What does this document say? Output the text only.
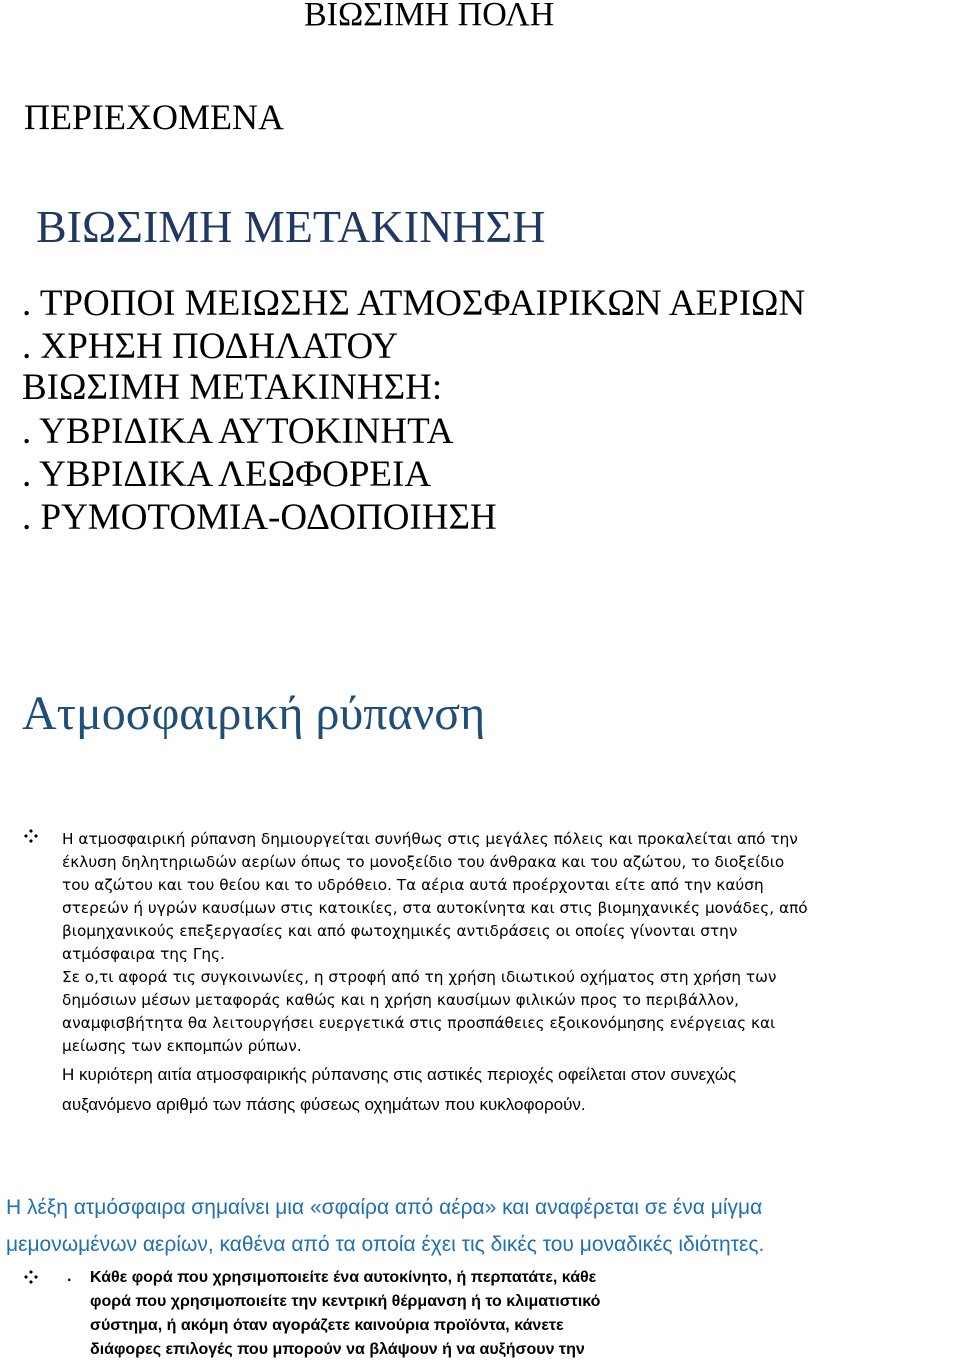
ΒΙΩΣΙΜΗ ΠΟΛΗ
ΠΕΡΙΕΧΟΜΕΝΑ
ΒΙΩΣΙΜΗ ΜΕΤΑΚΙΝΗΣΗ
. ΤΡΟΠΟΙ ΜΕΙΩΣΗΣ ΑΤΜΟΣΦΑΙΡΙΚΩΝ ΑΕΡΙΩΝ
. ΧΡΗΣΗ ΠΟΔΗΛΑΤΟΥ
ΒΙΩΣΙΜΗ ΜΕΤΑΚΙΝΗΣΗ:
. ΥΒΡΙΔΙΚΑ ΑΥΤΟΚΙΝΗΤΑ
. ΥΒΡΙΔΙΚΑ ΛΕΩΦΟΡΕΙΑ
. ΡΥΜΟΤΟΜΙΑ-ΟΔΟΠΟΙΗΣΗ
Ατμοσφαιρική ρύπανση
Η ατμοσφαιρική ρύπανση δημιουργείται συνήθως στις μεγάλες πόλεις και προκαλείται από την
έκλυση δηλητηριωδών αερίων όπως το μονοξείδιο του άνθρακα και του αζώτου, το διοξείδιο
του αζώτου και του θείου και το υδρόθειο. Τα αέρια αυτά προέρχονται είτε από την καύση
στερεών ή υγρών καυσίμων στις κατοικίες, στα αυτοκίνητα και στις βιομηχανικές μονάδες, από
βιομηχανικούς επεξεργασίες και από φωτοχημικές αντιδράσεις οι οποίες γίνονται στην
ατμόσφαιρα της Γης.
Σε ο,τι αφορά τις συγκοινωνίες, η στροφή από τη χρήση ιδιωτικού οχήματος στη χρήση των
δημόσιων μέσων μεταφοράς καθώς και η χρήση καυσίμων φιλικών προς το περιβάλλον,
αναμφισβήτητα θα λειτουργήσει ευεργετικά στις προσπάθειες εξοικονόμησης ενέργειας και
μείωσης των εκπομπών ρύπων.
Η κυριότερη αιτία ατμοσφαιρικής ρύπανσης στις αστικές περιοχές οφείλεται στον συνεχώς
αυξανόμενο αριθμό των πάσης φύσεως οχημάτων που κυκλοφορούν.
Η λέξη ατμόσφαιρα σημαίνει μια «σφαίρα από αέρα» και αναφέρεται σε ένα μίγμα
μεμονωμένων αερίων, καθένα από τα οποία έχει τις δικές του μοναδικές ιδιότητες.
. Κάθε φορά που χρησιμοποιείτε ένα αυτοκίνητο, ή περπατάτε, κάθε
φορά που χρησιμοποιείτε την κεντρική θέρμανση ή το κλιματιστικό
σύστημα, ή ακόμη όταν αγοράζετε καινούρια προϊόντα, κάνετε
διάφορες επιλογές που μπορούν να βλάψουν ή να αυξήσουν την
